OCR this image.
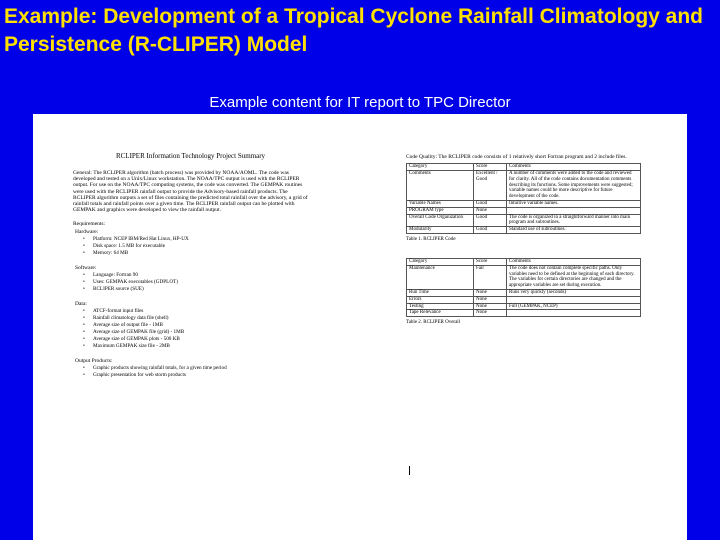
Example: Development of a Tropical Cyclone Rainfall Climatology and Persistence (R-CLIPER) Model

Example content for IT report to TPC Director

RCLIPER Information Technology Project Summary

General: The RCLIPER algorithm (batch process) was provided by NOAA/AOML. The code was developed and tested on a Unix/Linux workstation. The NOAA/TPC output is used with the RCLIPER output. For use on the NOAA/TPC computing systems, the code was converted. The GEMPAK routines were used with the RCLIPER rainfall output to provide the Advisory-based rainfall products. The RCLIPER algorithm outputs a set of files containing the predicted total rainfall over the advisory, a grid of rainfall totals and rainfall points over a given time. The RCLIPER rainfall output can be plotted with GEMPAK and graphics were developed to view the rainfall output.

Requirements:

Hardware:

• Platform: NCEP IBM/Red Hat Linux, HP-UX
• Disk space: 1.5 MB for executable
• Memory: 64 MB

Software:

• Language: Fortran 90
• Uses: GEMPAK executables (GDPLOT)
• RCLIPER source (SUE)

Data:

• ATCF-format input files
• Rainfall climatology data file (shell)
• Average size of output file - 1MB
• Average size of GEMPAK file (grid) - 1MB
• Average size of GEMPAK plots - 500 KB
• Maximum GEMPAK size file - 2MB

Output Products:

• Graphic products showing rainfall totals, for a given time period
• Graphic presentation for web storm products

Code Quality: The RCLIPER code consists of 1 relatively short Fortran program and 2 include files.

Category	Score	Comments
Comments	Excellent / Good	A number of comments were added to the code and reviewed for clarity. All of the code contains documentation comments describing its functions. Some improvements were suggested; variable names could be more descriptive for future development of the code.
Variable Names	Good	Intuitive variable names.
PROGRAM type	None	
Overall Code Organization	Good	The code is organized in a straightforward manner into main program and subroutines.
Modularity	Good	Standard use of subroutines.

Table 1. RCLIPER Code

Category	Score	Comments
Maintenance	Fair	The code does not contain complete specific paths. Only variables need to be defined at the beginning of each directory. The variables for certain directories are changed and the appropriate variables are set during execution.
Run Time	None	Runs very quickly (seconds)
Errors	None	
Testing	None	Full (GEMPAK, NCEP)
Tape Relevance	None	

Table 2. RCLIPER Overall
